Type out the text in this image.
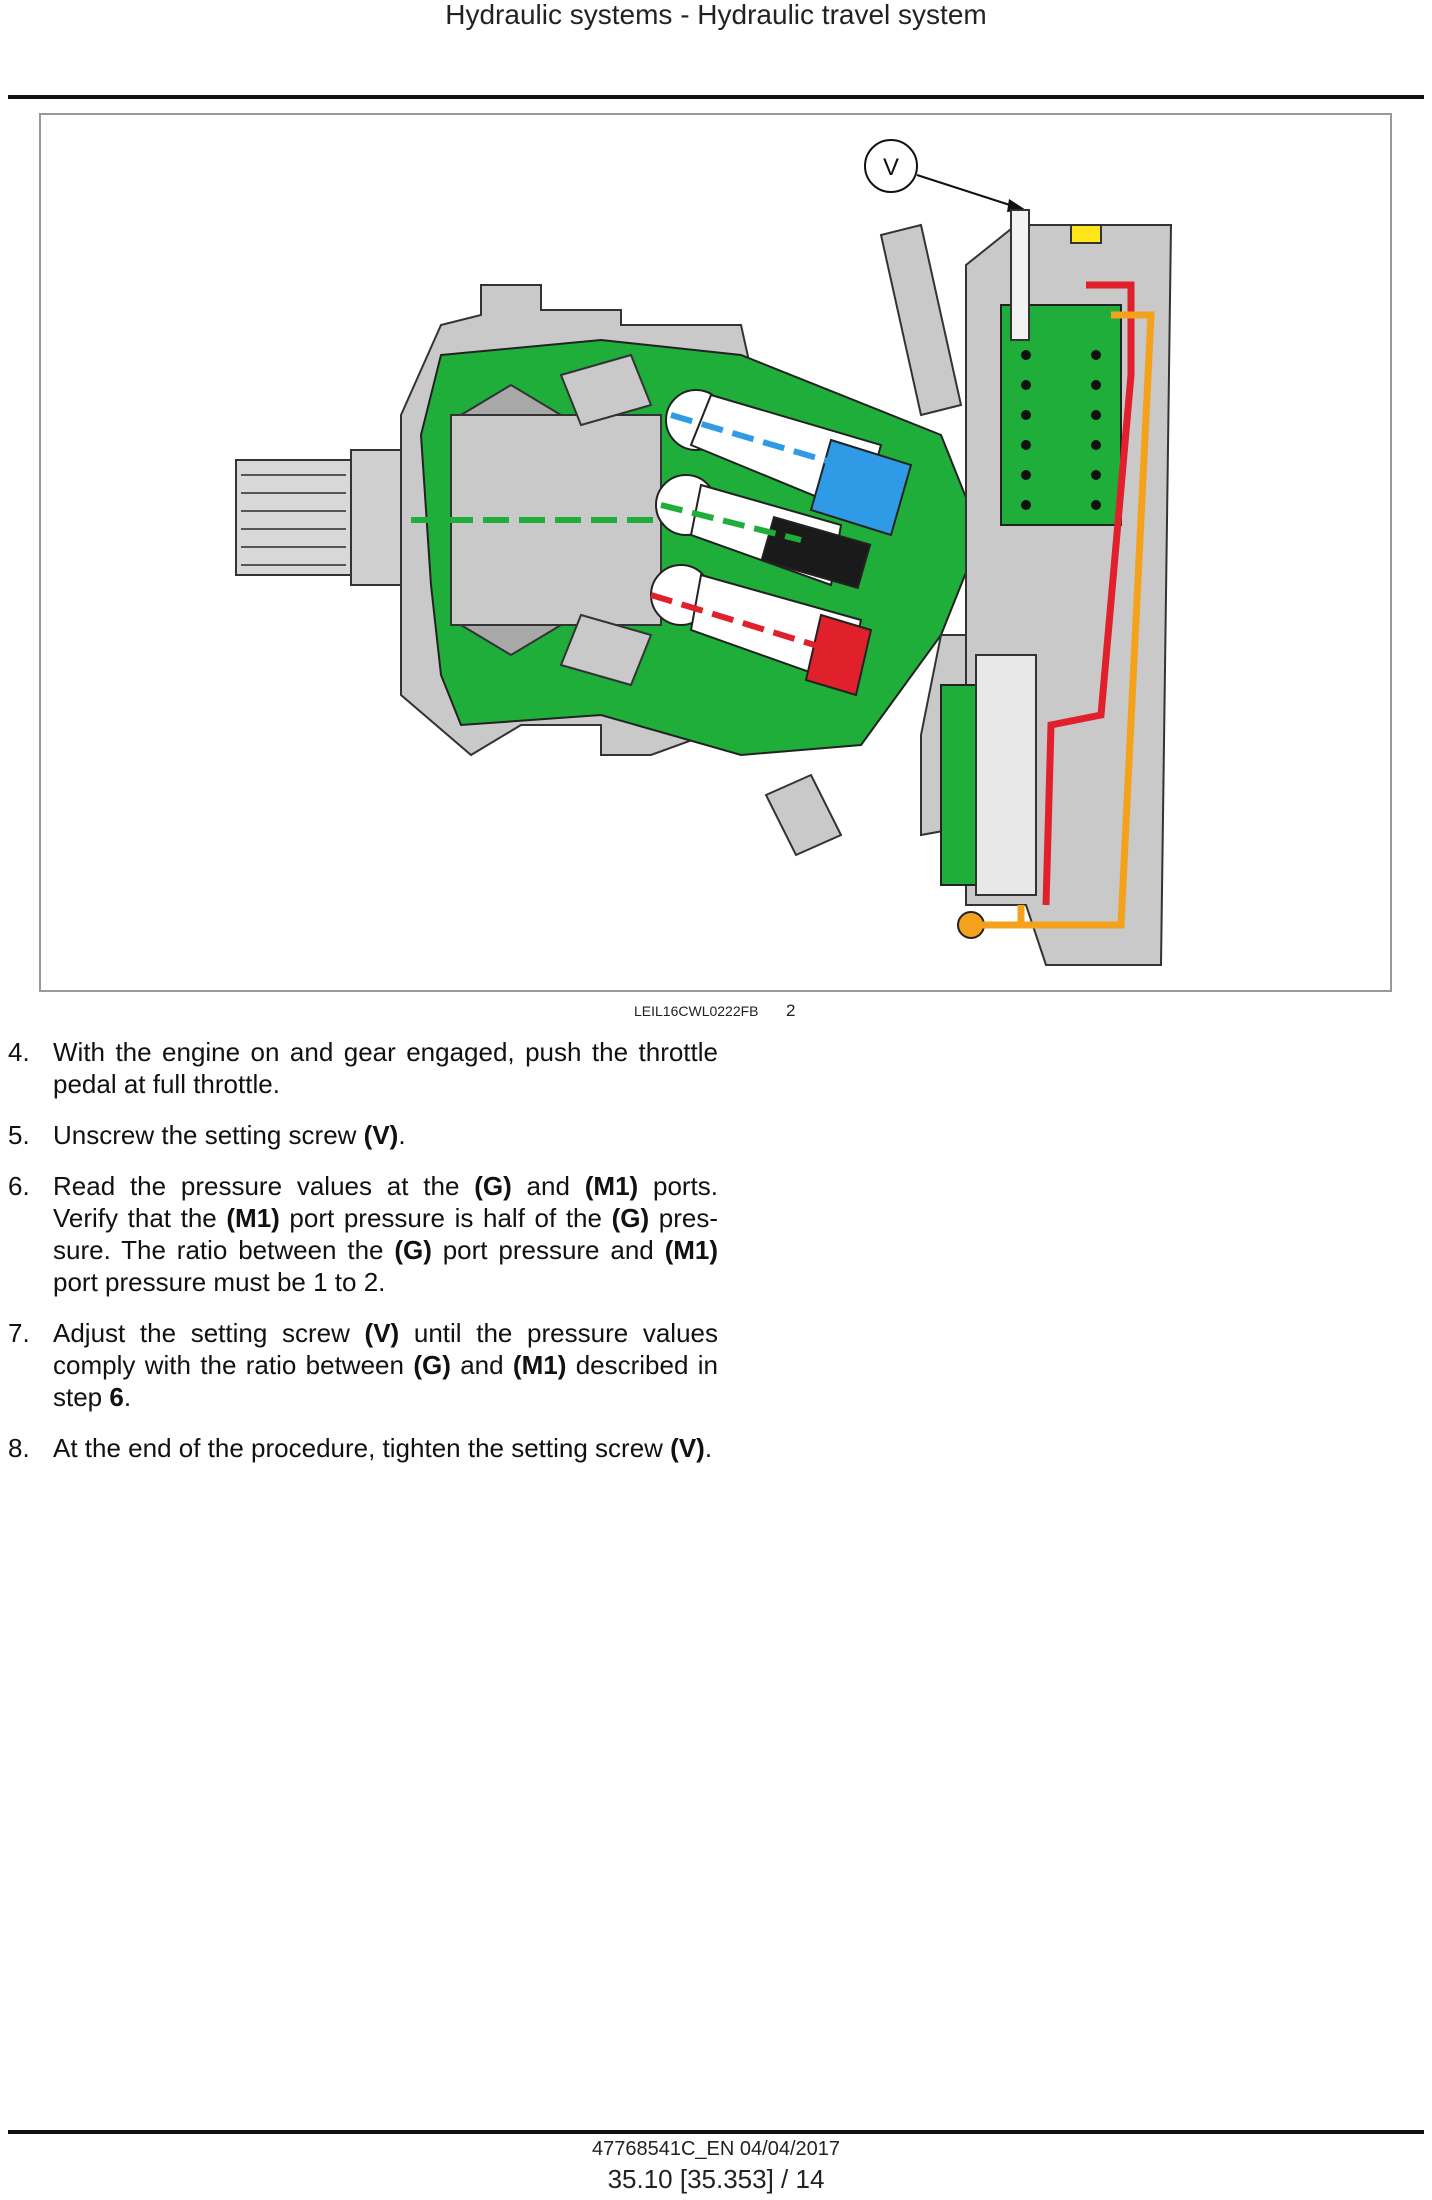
Hydraulic systems - Hydraulic travel system
V
LEIL16CWL0222FB 2
4. With the engine on and gear engaged, push the throttle pedal at full throttle.
5. Unscrew the setting screw (V).
6. Read the pressure values at the (G) and (M1) ports. Verify that the (M1) port pressure is half of the (G) pres-sure. The ratio between the (G) port pressure and (M1) port pressure must be 1 to 2.
7. Adjust the setting screw (V) until the pressure values comply with the ratio between (G) and (M1) described in step 6.
8. At the end of the procedure, tighten the setting screw (V).
47768541C_EN 04/04/2017
35.10 [35.353] / 14
